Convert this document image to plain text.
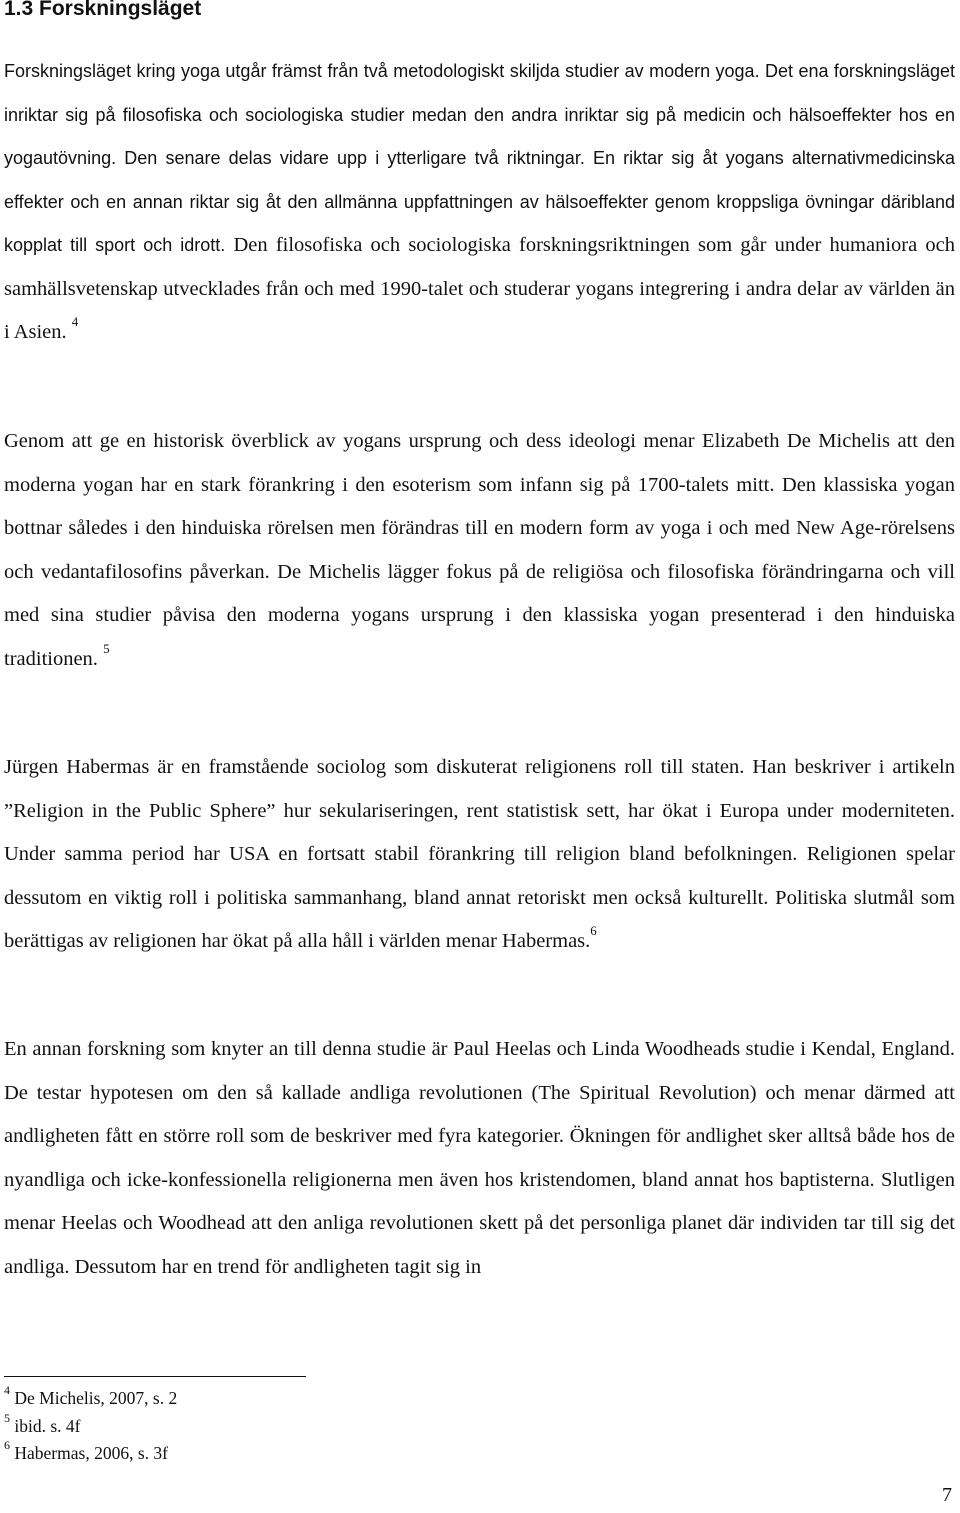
1.3 Forskningsläget

Forskningsläget kring yoga utgår främst från två metodologiskt skiljda studier av modern yoga. Det ena forskningsläget inriktar sig på filosofiska och sociologiska studier medan den andra inriktar sig på medicin och hälsoeffekter hos en yogautövning. Den senare delas vidare upp i ytterligare två riktningar. En riktar sig åt yogans alternativmedicinska effekter och en annan riktar sig åt den allmänna uppfattningen av hälsoeffekter genom kroppsliga övningar däribland kopplat till sport och idrott. Den filosofiska och sociologiska forskningsriktningen som går under humaniora och samhällsvetenskap utvecklades från och med 1990-talet och studerar yogans integrering i andra delar av världen än i Asien. $^4$

Genom att ge en historisk överblick av yogans ursprung och dess ideologi menar Elizabeth De Michelis att den moderna yogan har en stark förankring i den esoterism som infann sig på 1700-talets mitt. Den klassiska yogan bottnar således i den hinduiska rörelsen men förändras till en modern form av yoga i och med New Age-rörelsens och vedantafilosofins påverkan. De Michelis lägger fokus på de religiösa och filosofiska förändringarna och vill med sina studier påvisa den moderna yogans ursprung i den klassiska yogan presenterad i den hinduiska traditionen. $^5$

Jürgen Habermas är en framstående sociolog som diskuterat religionens roll till staten. Han beskriver i artikeln ”Religion in the Public Sphere” hur sekulariseringen, rent statistisk sett, har ökat i Europa under moderniteten. Under samma period har USA en fortsatt stabil förankring till religion bland befolkningen. Religionen spelar dessutom en viktig roll i politiska sammanhang, bland annat retoriskt men också kulturellt. Politiska slutmål som berättigas av religionen har ökat på alla håll i världen menar Habermas.$^6$

En annan forskning som knyter an till denna studie är Paul Heelas och Linda Woodheads studie i Kendal, England. De testar hypotesen om den så kallade andliga revolutionen (The Spiritual Revolution) och menar därmed att andligheten fått en större roll som de beskriver med fyra kategorier. Ökningen för andlighet sker alltså både hos de nyandliga och icke-konfessionella religionerna men även hos kristendomen, bland annat hos baptisterna. Slutligen menar Heelas och Woodhead att den anliga revolutionen skett på det personliga planet där individen tar till sig det andliga. Dessutom har en trend för andligheten tagit sig in

$^4$ De Michelis, 2007, s. 2
$^5$ ibid. s. 4f
$^6$ Habermas, 2006, s. 3f
7
